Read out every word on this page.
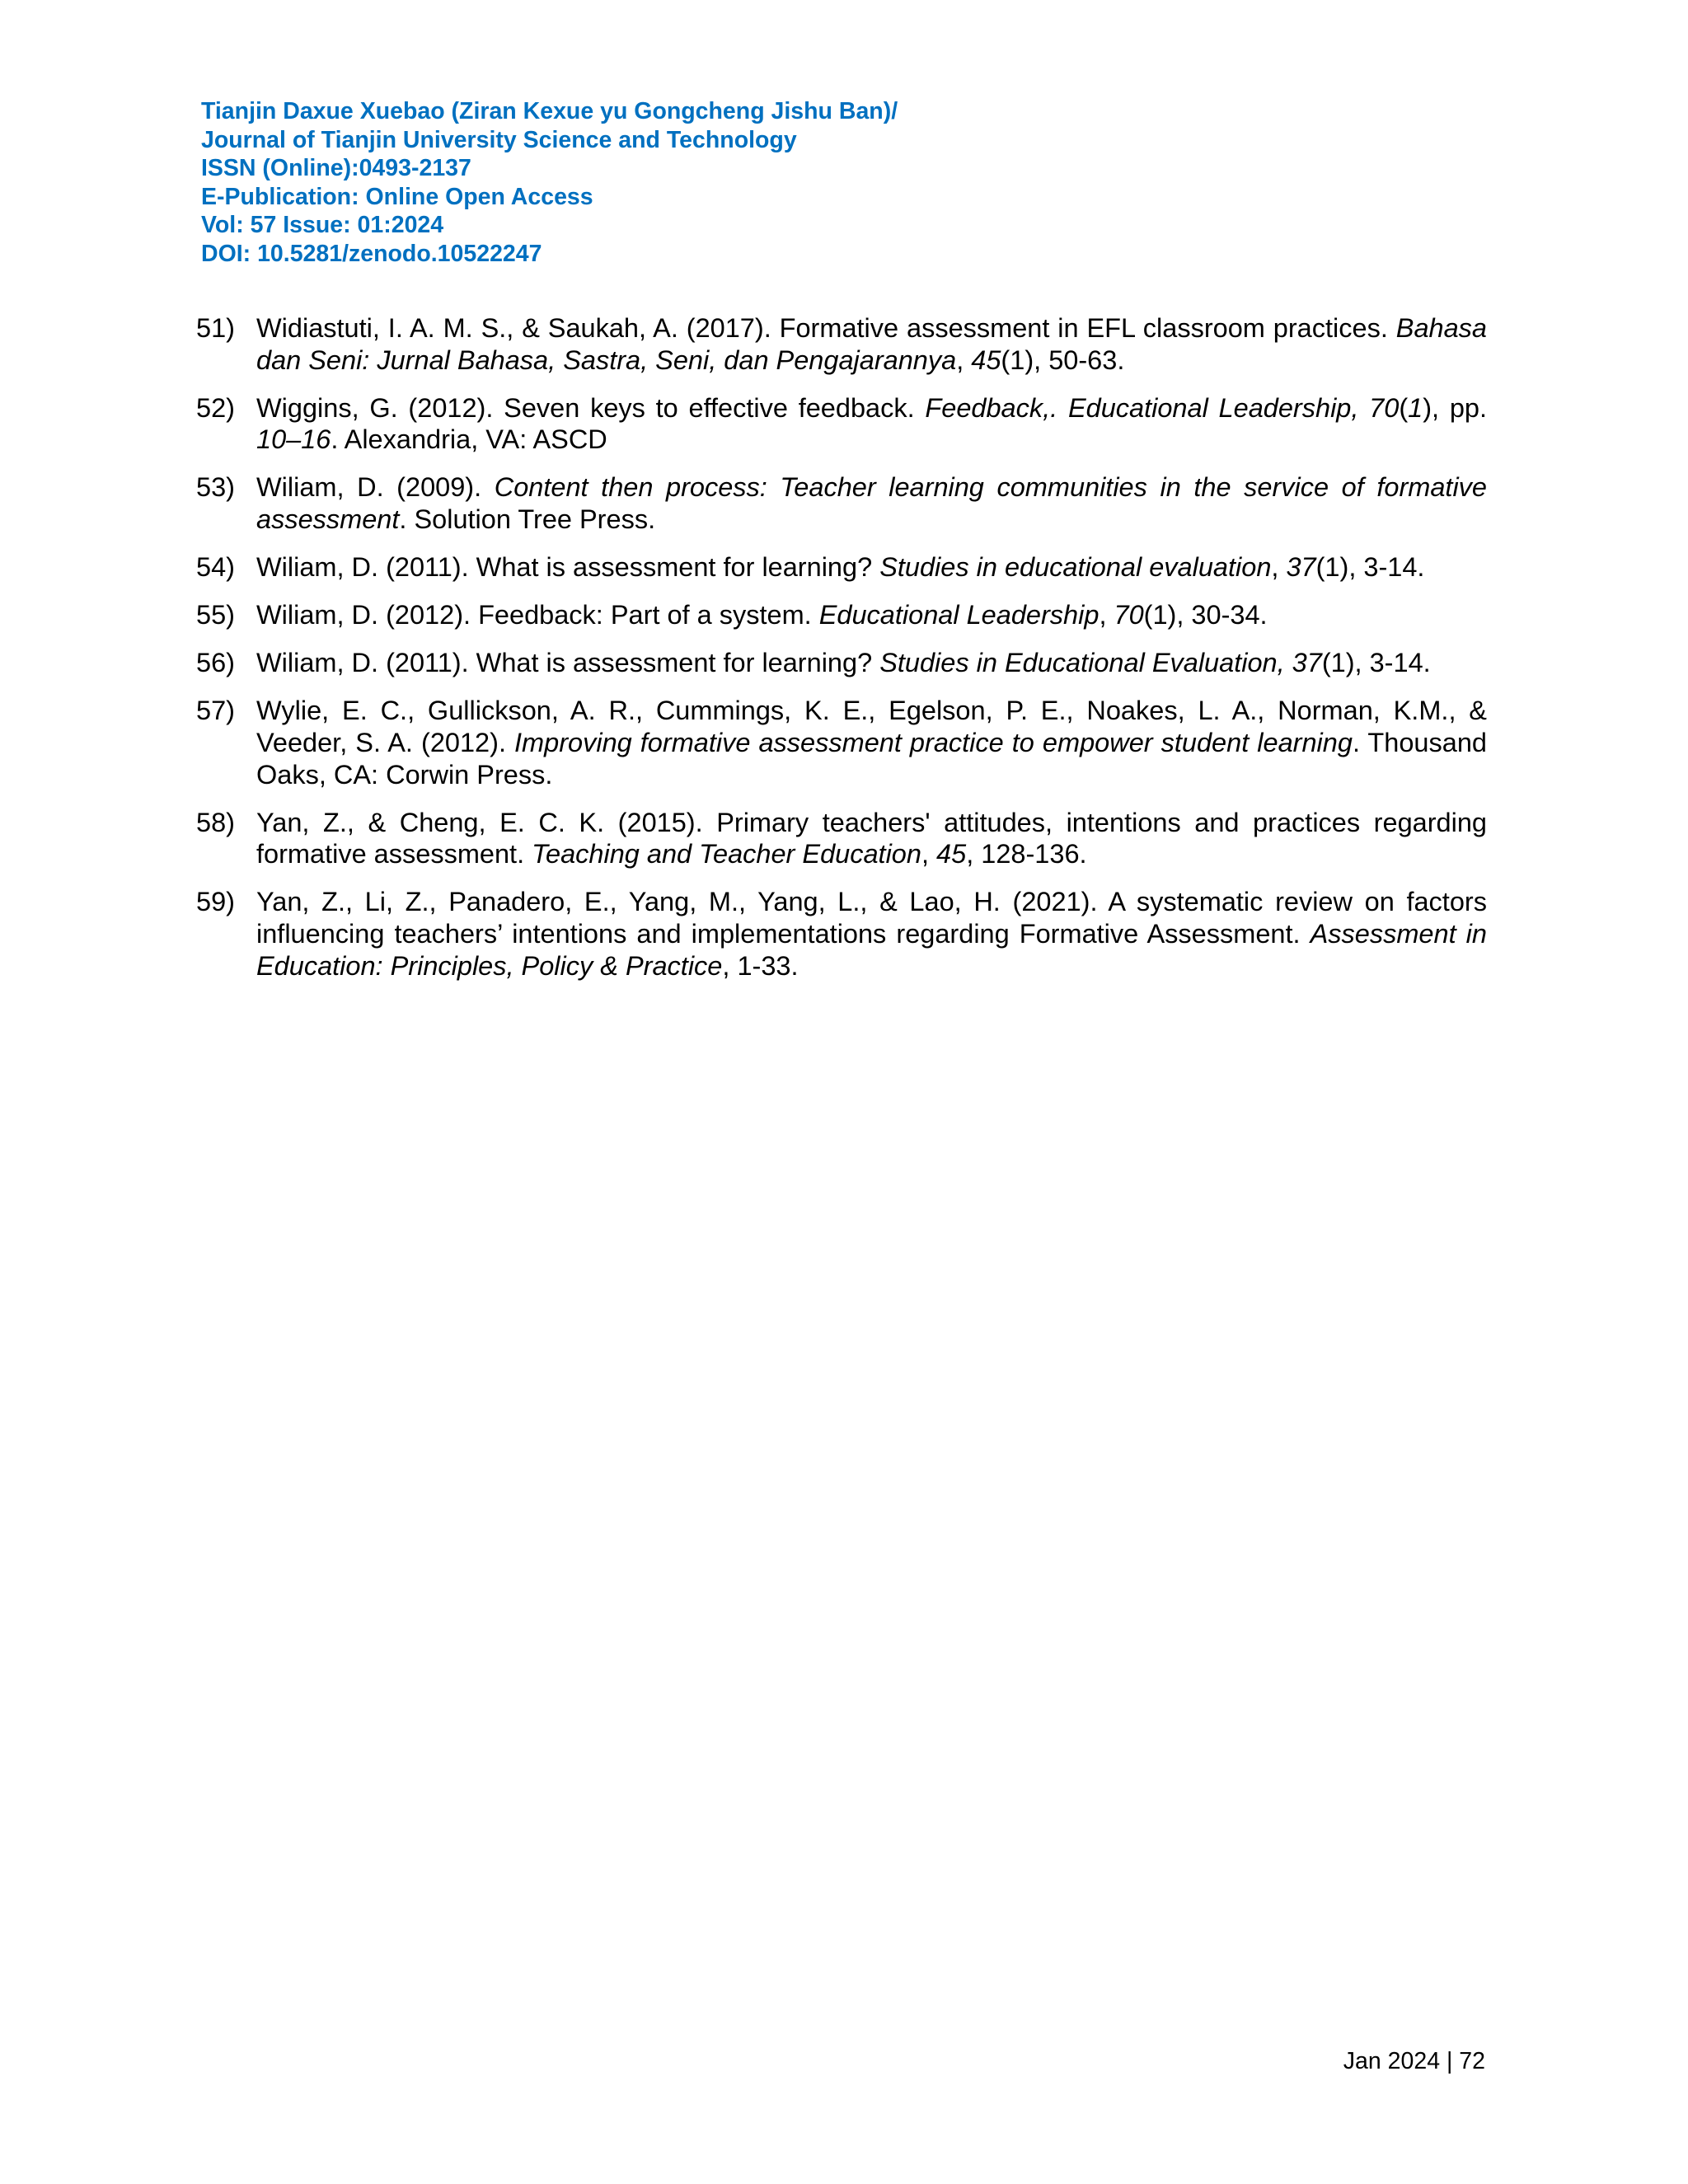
Tianjin Daxue Xuebao (Ziran Kexue yu Gongcheng Jishu Ban)/
Journal of Tianjin University Science and Technology
ISSN (Online):0493-2137
E-Publication: Online Open Access
Vol: 57 Issue: 01:2024
DOI: 10.5281/zenodo.10522247
51) Widiastuti, I. A. M. S., & Saukah, A. (2017). Formative assessment in EFL classroom practices. Bahasa dan Seni: Jurnal Bahasa, Sastra, Seni, dan Pengajarannya, 45(1), 50-63.
52) Wiggins, G. (2012). Seven keys to effective feedback. Feedback,. Educational Leadership, 70(1), pp. 10–16. Alexandria, VA: ASCD
53) Wiliam, D. (2009). Content then process: Teacher learning communities in the service of formative assessment. Solution Tree Press.
54) Wiliam, D. (2011). What is assessment for learning? Studies in educational evaluation, 37(1), 3-14.
55) Wiliam, D. (2012). Feedback: Part of a system. Educational Leadership, 70(1), 30-34.
56) Wiliam, D. (2011). What is assessment for learning? Studies in Educational Evaluation, 37(1), 3-14.
57) Wylie, E. C., Gullickson, A. R., Cummings, K. E., Egelson, P. E., Noakes, L. A., Norman, K.M., & Veeder, S. A. (2012). Improving formative assessment practice to empower student learning. Thousand Oaks, CA: Corwin Press.
58) Yan, Z., & Cheng, E. C. K. (2015). Primary teachers' attitudes, intentions and practices regarding formative assessment. Teaching and Teacher Education, 45, 128-136.
59) Yan, Z., Li, Z., Panadero, E., Yang, M., Yang, L., & Lao, H. (2021). A systematic review on factors influencing teachers’ intentions and implementations regarding Formative Assessment. Assessment in Education: Principles, Policy & Practice, 1-33.
Jan 2024 | 72
